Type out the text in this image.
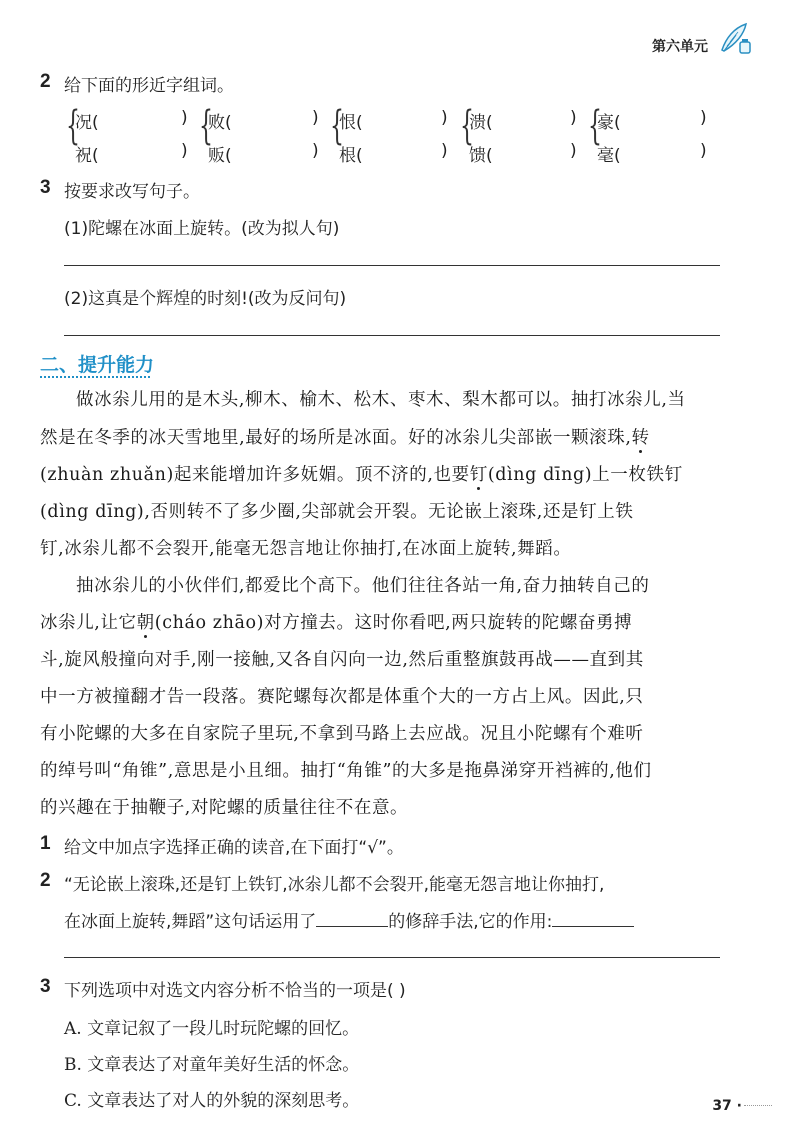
第六单元
2 给下面的形近字组词。
{
况(
祝(
)
)
{
败(
贩(
)
)
{
恨(
根(
)
)
{
溃(
馈(
)
)
{
豪(
毫(
)
)
3 按要求改写句子。
(1)陀螺在冰面上旋转。(改为拟人句)
(2)这真是个辉煌的时刻!(改为反问句)
二、提升能力
做冰尜儿用的是木头,柳木、榆木、松木、枣木、梨木都可以。抽打冰尜儿,当
然是在冬季的冰天雪地里,最好的场所是冰面。好的冰尜儿尖部嵌一颗滚珠,转
(zhuàn zhuǎn)起来能增加许多妩媚。顶不济的,也要钉(dìng dīng)上一枚铁钉
(dìng dīng),否则转不了多少圈,尖部就会开裂。无论嵌上滚珠,还是钉上铁
钉,冰尜儿都不会裂开,能毫无怨言地让你抽打,在冰面上旋转,舞蹈。
抽冰尜儿的小伙伴们,都爱比个高下。他们往往各站一角,奋力抽转自己的
冰尜儿,让它朝(cháo zhāo)对方撞去。这时你看吧,两只旋转的陀螺奋勇搏
斗,旋风般撞向对手,刚一接触,又各自闪向一边,然后重整旗鼓再战——直到其
中一方被撞翻才告一段落。赛陀螺每次都是体重个大的一方占上风。因此,只
有小陀螺的大多在自家院子里玩,不拿到马路上去应战。况且小陀螺有个难听
的绰号叫“角锥”,意思是小且细。抽打“角锥”的大多是拖鼻涕穿开裆裤的,他们
的兴趣在于抽鞭子,对陀螺的质量往往不在意。
1 给文中加点字选择正确的读音,在下面打“√”。
2 “无论嵌上滚珠,还是钉上铁钉,冰尜儿都不会裂开,能毫无怨言地让你抽打,
在冰面上旋转,舞蹈”这句话运用了	的修辞手法,它的作用:
3 下列选项中对选文内容分析不恰当的一项是( )
A. 文章记叙了一段儿时玩陀螺的回忆。
B. 文章表达了对童年美好生活的怀念。
C. 文章表达了对人的外貌的深刻思考。	37 ·
